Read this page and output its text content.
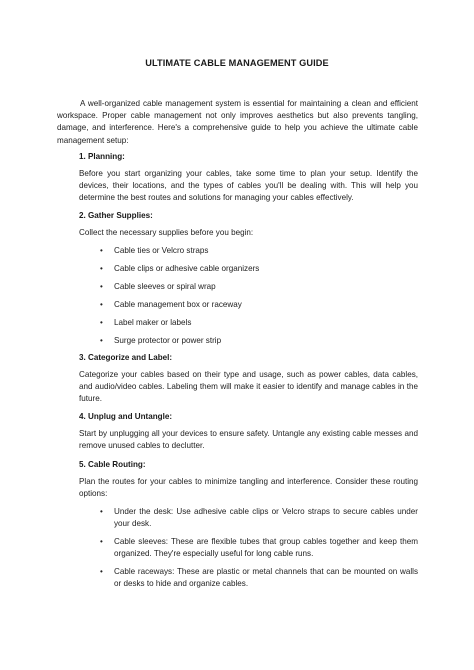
ULTIMATE CABLE MANAGEMENT GUIDE
A well-organized cable management system is essential for maintaining a clean and efficient workspace. Proper cable management not only improves aesthetics but also prevents tangling, damage, and interference. Here's a comprehensive guide to help you achieve the ultimate cable management setup:
1. Planning:
Before you start organizing your cables, take some time to plan your setup. Identify the devices, their locations, and the types of cables you'll be dealing with. This will help you determine the best routes and solutions for managing your cables effectively.
2. Gather Supplies:
Collect the necessary supplies before you begin:
• Cable ties or Velcro straps
• Cable clips or adhesive cable organizers
• Cable sleeves or spiral wrap
• Cable management box or raceway
• Label maker or labels
• Surge protector or power strip
3. Categorize and Label:
Categorize your cables based on their type and usage, such as power cables, data cables, and audio/video cables. Labeling them will make it easier to identify and manage cables in the future.
4. Unplug and Untangle:
Start by unplugging all your devices to ensure safety. Untangle any existing cable messes and remove unused cables to declutter.
5. Cable Routing:
Plan the routes for your cables to minimize tangling and interference. Consider these routing options:
• Under the desk: Use adhesive cable clips or Velcro straps to secure cables under your desk.
• Cable sleeves: These are flexible tubes that group cables together and keep them organized. They're especially useful for long cable runs.
• Cable raceways: These are plastic or metal channels that can be mounted on walls or desks to hide and organize cables.
